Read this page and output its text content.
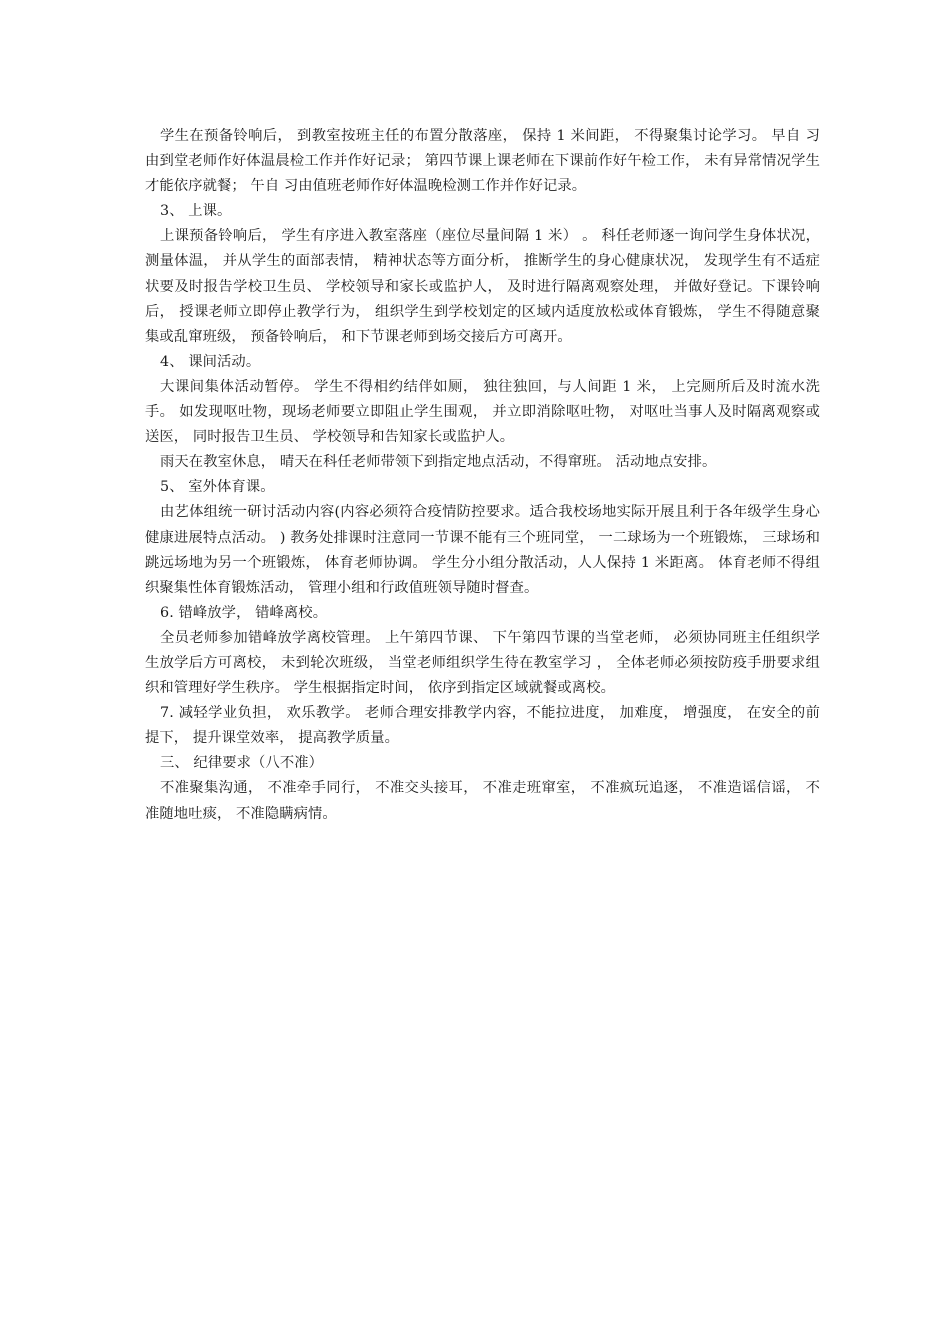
学生在预备铃响后， 到教室按班主任的布置分散落座， 保持 1 米间距， 不得聚集讨论学习。 早自 习由到堂老师作好体温晨检工作并作好记录； 第四节课上课老师在下课前作好午检工作， 未有异常情况学生才能依序就餐； 午自 习由值班老师作好体温晚检测工作并作好记录。

3、 上课。

上课预备铃响后， 学生有序进入教室落座（座位尽量间隔 1 米） 。 科任老师逐一询问学生身体状况， 测量体温， 并从学生的面部表情， 精神状态等方面分析， 推断学生的身心健康状况， 发现学生有不适症状要及时报告学校卫生员、 学校领导和家长或监护人， 及时进行隔离观察处理， 并做好登记。下课铃响后， 授课老师立即停止教学行为， 组织学生到学校划定的区域内适度放松或体育锻炼， 学生不得随意聚集或乱窜班级， 预备铃响后， 和下节课老师到场交接后方可离开。

4、 课间活动。

大课间集体活动暂停。 学生不得相约结伴如厕， 独往独回，与人间距 1 米， 上完厕所后及时流水洗手。 如发现呕吐物，现场老师要立即阻止学生围观， 并立即消除呕吐物， 对呕吐当事人及时隔离观察或送医， 同时报告卫生员、 学校领导和告知家长或监护人。

雨天在教室休息， 晴天在科任老师带领下到指定地点活动，不得窜班。 活动地点安排。

5、 室外体育课。

由艺体组统一研讨活动内容(内容必须符合疫情防控要求。适合我校场地实际开展且利于各年级学生身心健康进展特点活动。 ) 教务处排课时注意同一节课不能有三个班同堂， 一二球场为一个班锻炼， 三球场和跳远场地为另一个班锻炼， 体育老师协调。 学生分小组分散活动，人人保持 1 米距离。 体育老师不得组织聚集性体育锻炼活动， 管理小组和行政值班领导随时督查。

6. 错峰放学， 错峰离校。

全员老师参加错峰放学离校管理。 上午第四节课、 下午第四节课的当堂老师， 必须协同班主任组织学生放学后方可离校， 未到轮次班级， 当堂老师组织学生待在教室学习 ， 全体老师必须按防疫手册要求组织和管理好学生秩序。 学生根据指定时间， 依序到指定区域就餐或离校。

7. 减轻学业负担， 欢乐教学。 老师合理安排教学内容，不能拉进度， 加难度， 增强度， 在安全的前提下， 提升课堂效率， 提高教学质量。

三、 纪律要求（八不准）

不准聚集沟通， 不准牵手同行， 不准交头接耳， 不准走班窜室， 不准疯玩追逐， 不准造谣信谣， 不准随地吐痰， 不准隐瞒病情。
